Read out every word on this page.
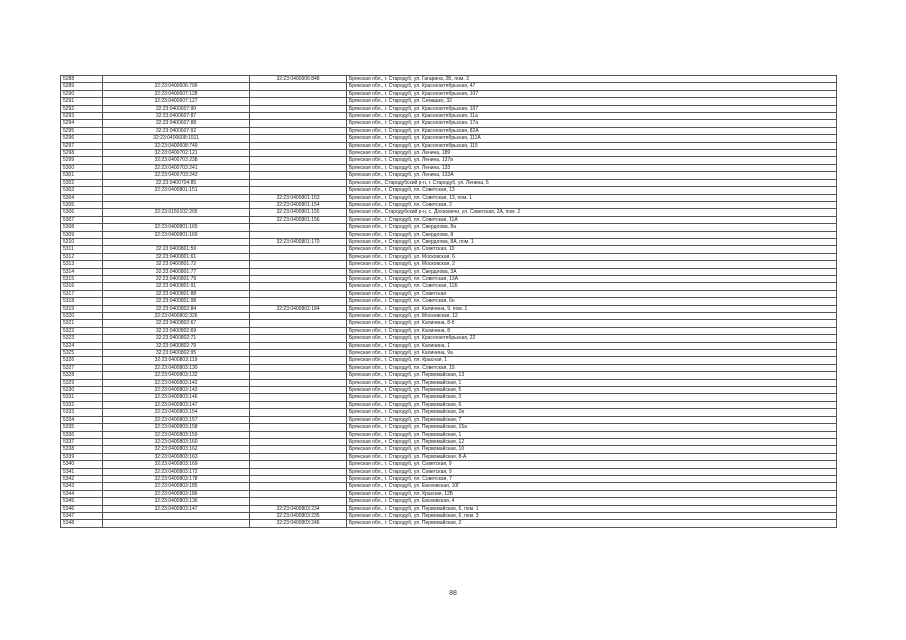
5288		32:23:0400606:848	Брянская обл., г. Стародуб, ул. Гагарина, 2Б, пом. 3
5289	32:23:0400606:706		Брянская обл., г. Стародуб, ул. Красноoктябрьская, 47
5290	32:23:0400607:128		Брянская обл., г. Стародуб, ул. Красноoктябрьская, 107
5291	32:23:0400607:127		Брянская обл., г. Стародуб, ул. Семашко, 32
5292	32:23:0400607:90		Брянская обл., г. Стародуб, ул. Красноoктябрьская, 107
5293	32:23:0400607:87		Брянская обл., г. Стародуб, ул. Красноoктябрьская, 11а
5294	32:23:0400607:88		Брянская обл., г. Стародуб, ул. Красноoктябрьская, 17а
5295	32:23:0400607:92		Брянская обл., г. Стародуб, ул. Красноoктябрьская, 82А
5296	32:23:0400608:1011		Брянская обл., г. Стародуб, ул. Красноoктябрьская, 111А
5297	32:23:0400608:749		Брянская обл., г. Стародуб, ул. Красноoктябрьская, 115
5298	32:23:0400702:121		Брянская обл., г. Стародуб, ул. Ленина, 189
5299	32:23:0400703:238		Брянская обл., г. Стародуб, ул. Ленина, 137в
5300	32:23:0400703:241		Брянская обл., г. Стародуб, ул. Ленина, 133
5301	32:23:0400703:243		Брянская обл., г. Стародуб, ул. Ленина, 133А
5302	32:23:0400704:85		Брянская обл., Стародубский р-н, г. Стародуб, ул. Ленина, 5
5303	32:23:0400801:151		Брянская обл., г. Стародуб, пл. Советская, 13
5304		32:23:0400801:153	Брянская обл., г. Стародуб, пл. Советская, 13, пом. 1
5305		32:23:0400801:154	Брянская обл., г. Стародуб, пл. Советская, 2
5306	32:23:0150102:205	32:23:0400801:155	Брянская обл., Стародубский р-н, с. Дохновичи, ул. Советская, 2А, пом. 2
5307		32:23:0400801:156	Брянская обл., г. Стародуб, пл. Советская, 11А
5308	32:23:0400801:165		Брянская обл., г. Стародуб, ул. Свердлова, 8а
5309	32:23:0400801:169		Брянская обл., г. Стародуб, ул. Свердлова, 8
5310		32:23:0400801:170	Брянская обл., г. Стародуб, ул. Свердлова, 8А, пом. 1
5311	32:23:0400801:59		Брянская обл., г. Стародуб, ул. Советская, 10
5312	32:23:0400801:61		Брянская обл., г. Стародуб, ул. Московская, 6
5313	32:23:0400801:72		Брянская обл., г. Стародуб, ул. Московская, 2
5314	32:23:0400801:77		Брянская обл., г. Стародуб, ул. Свердлова, 3А
5315	32:23:0400801:79		Брянская обл., г. Стародуб, пл. Советская, 13А
5316	32:23:0400801:91		Брянская обл., г. Стародуб, пл. Советская, 11Б
5317	32:23:0400801:88		Брянская обл., г. Стародуб, ул. Советская
5318	32:23:0400801:98		Брянская обл., г. Стародуб, пл. Советская, 6н
5319	32:23:0400802:84	32:23:0400802:184	Брянская обл., г. Стародуб, ул. Калинина, 9, пом. 1
5320	32:23:0400802:326		Брянская обл., г. Стародуб, ул. Московская, 12
5321	32:23:0400802:67		Брянская обл., г. Стародуб, ул. Калинина, 8-б
5322	32:23:0400802:69		Брянская обл., г. Стародуб, ул. Калинина, 8
5323	32:23:0400802:71		Брянская обл., г. Стародуб, ул. Красноoктябрьская, 22
5324	32:23:0400802:79		Брянская обл., г. Стародуб, ул. Калинина, 1
5325	32:23:0400802:95		Брянская обл., г. Стародуб, ул. Калинина, 9а
5326	32:23:0400803:119		Брянская обл., г. Стародуб, пл. Красная, 1
5327	32:23:0400803:130		Брянская обл., г. Стародуб, пл. Советская, 15
5328	32:23:0400803:132		Брянская обл., г. Стародуб, ул. Первомайская, 13
5329	32:23:0400803:142		Брянская обл., г. Стародуб, ул. Первомайская, 1
5330	32:23:0400803:143		Брянская обл., г. Стародуб, ул. Первомайская, 5
5331	32:23:0400803:146		Брянская обл., г. Стародуб, ул. Первомайская, 3
5332	32:23:0400803:147		Брянская обл., г. Стародуб, ул. Первомайская, 6
5333	32:23:0400803:154		Брянская обл., г. Стародуб, ул. Первомайская, 2в
5334	32:23:0400803:157		Брянская обл., г. Стародуб, ул. Первомайская, 7
5335	32:23:0400803:158		Брянская обл., г. Стародуб, ул. Первомайская, 15а
5336	32:23:0400803:159		Брянская обл., г. Стародуб, ул. Первомайская, 1
5337	32:23:0400803:160		Брянская обл., г. Стародуб, ул. Первомайская, 12
5338	32:23:0400803:162		Брянская обл., г. Стародуб, ул. Первомайская, 10
5339	32:23:0400803:163		Брянская обл., г. Стародуб, ул. Первомайская, 8-А
5340	32:23:0400803:169		Брянская обл., г. Стародуб, ул. Советская, 9
5341	32:23:0400803:172		Брянская обл., г. Стародуб, ул. Советская, 9
5342	32:23:0400803:178		Брянская обл., г. Стародуб, пл. Советская, 7
5343	32:23:0400803:185		Брянская обл., г. Стародуб, ул. Евсеевская, 10Г
5344	32:23:0400803:186		Брянская обл., г. Стародуб, пл. Красная, 12Б
5345	32:23:0400803:136		Брянская обл., г. Стародуб, ул. Евсеевская, 4
5346	32:23:0400803:147	32:23:0400803:234	Брянская обл., г. Стародуб, ул. Первомайская, 6, пом. 1
5347		32:23:0400803:235	Брянская обл., г. Стародуб, ул. Первомайская, 6, пом. 3
5348		32:23:0400803:246	Брянская обл., г. Стародуб, ул. Первомайская, 2
88
